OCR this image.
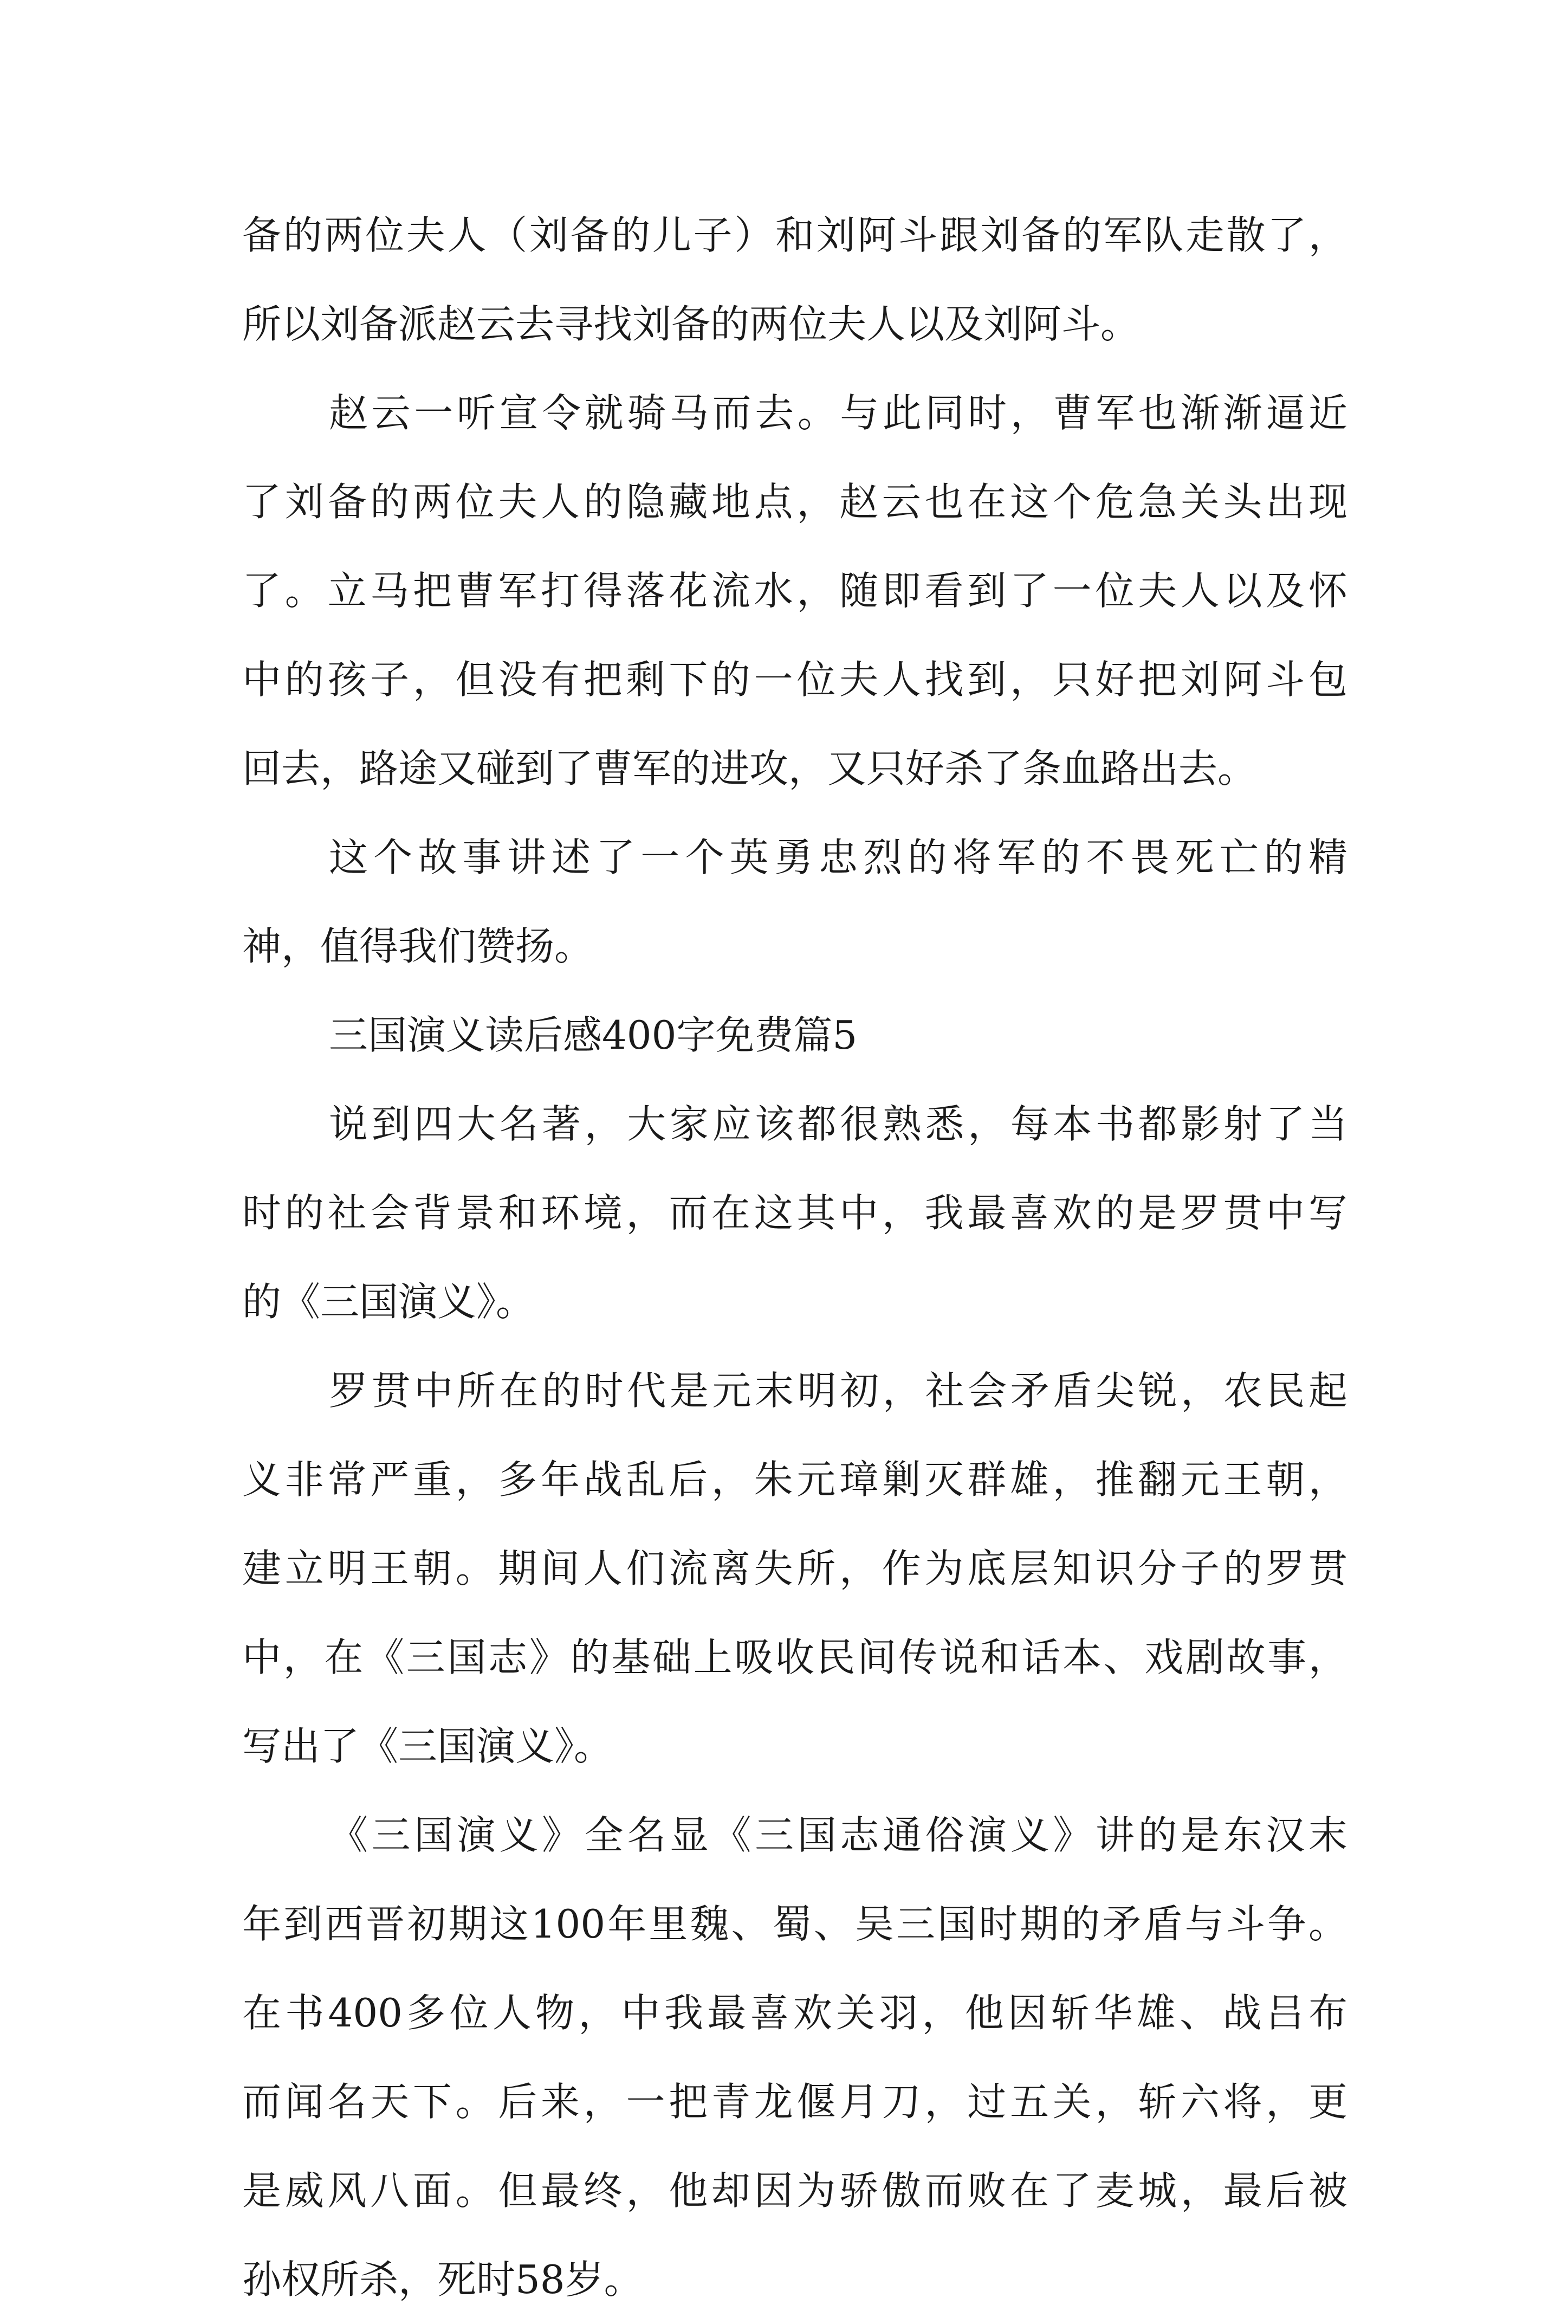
备的两位夫人（刘备的儿子）和刘阿斗跟刘备的军队走散了，
所以刘备派赵云去寻找刘备的两位夫人以及刘阿斗。
赵云一听宣令就骑马而去。与此同时，曹军也渐渐逼近
了刘备的两位夫人的隐藏地点，赵云也在这个危急关头出现
了。立马把曹军打得落花流水，随即看到了一位夫人以及怀
中的孩子，但没有把剩下的一位夫人找到，只好把刘阿斗包
回去，路途又碰到了曹军的进攻，又只好杀了条血路出去。
这个故事讲述了一个英勇忠烈的将军的不畏死亡的精
神，值得我们赞扬。
三国演义读后感400字免费篇5
说到四大名著，大家应该都很熟悉，每本书都影射了当
时的社会背景和环境，而在这其中，我最喜欢的是罗贯中写
的《三国演义》。
罗贯中所在的时代是元末明初，社会矛盾尖锐，农民起
义非常严重，多年战乱后，朱元璋剿灭群雄，推翻元王朝，
建立明王朝。期间人们流离失所，作为底层知识分子的罗贯
中，在《三国志》的基础上吸收民间传说和话本、戏剧故事，
写出了《三国演义》。
《三国演义》全名显《三国志通俗演义》讲的是东汉末
年到西晋初期这100年里魏、蜀、吴三国时期的矛盾与斗争。
在书400多位人物，中我最喜欢关羽，他因斩华雄、战吕布
而闻名天下。后来，一把青龙偃月刀，过五关，斩六将，更
是威风八面。但最终，他却因为骄傲而败在了麦城，最后被
孙权所杀，死时58岁。
